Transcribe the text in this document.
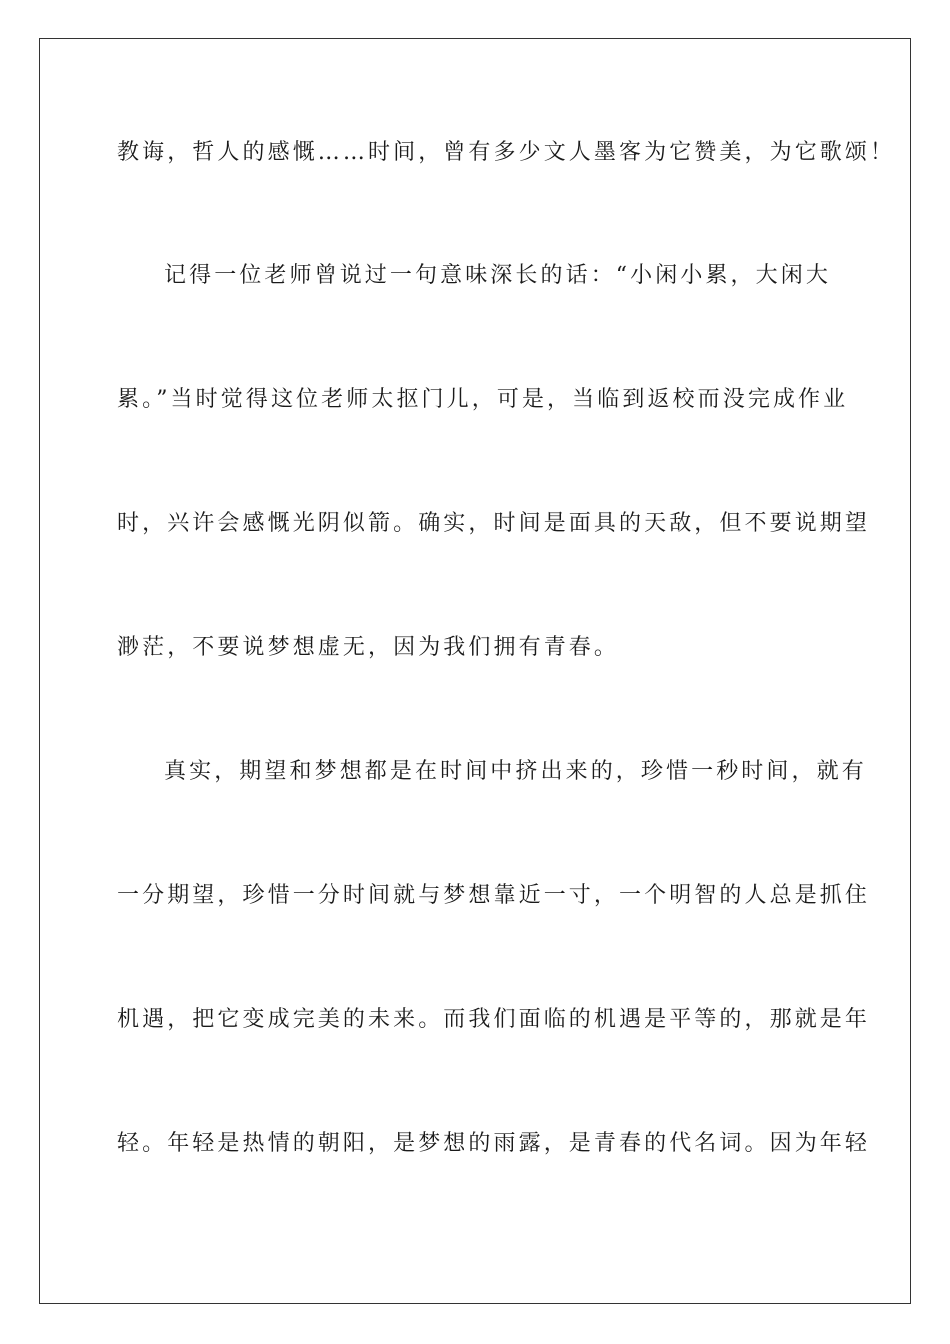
教诲，哲人的感慨……时间，曾有多少文人墨客为它赞美，为它歌颂！
记得一位老师曾说过一句意味深长的话：“小闲小累，大闲大
累。”当时觉得这位老师太抠门儿，可是，当临到返校而没完成作业
时，兴许会感慨光阴似箭。确实，时间是面具的天敌，但不要说期望
渺茫，不要说梦想虚无，因为我们拥有青春。
真实，期望和梦想都是在时间中挤出来的，珍惜一秒时间，就有
一分期望，珍惜一分时间就与梦想靠近一寸，一个明智的人总是抓住
机遇，把它变成完美的未来。而我们面临的机遇是平等的，那就是年
轻。年轻是热情的朝阳，是梦想的雨露，是青春的代名词。因为年轻
